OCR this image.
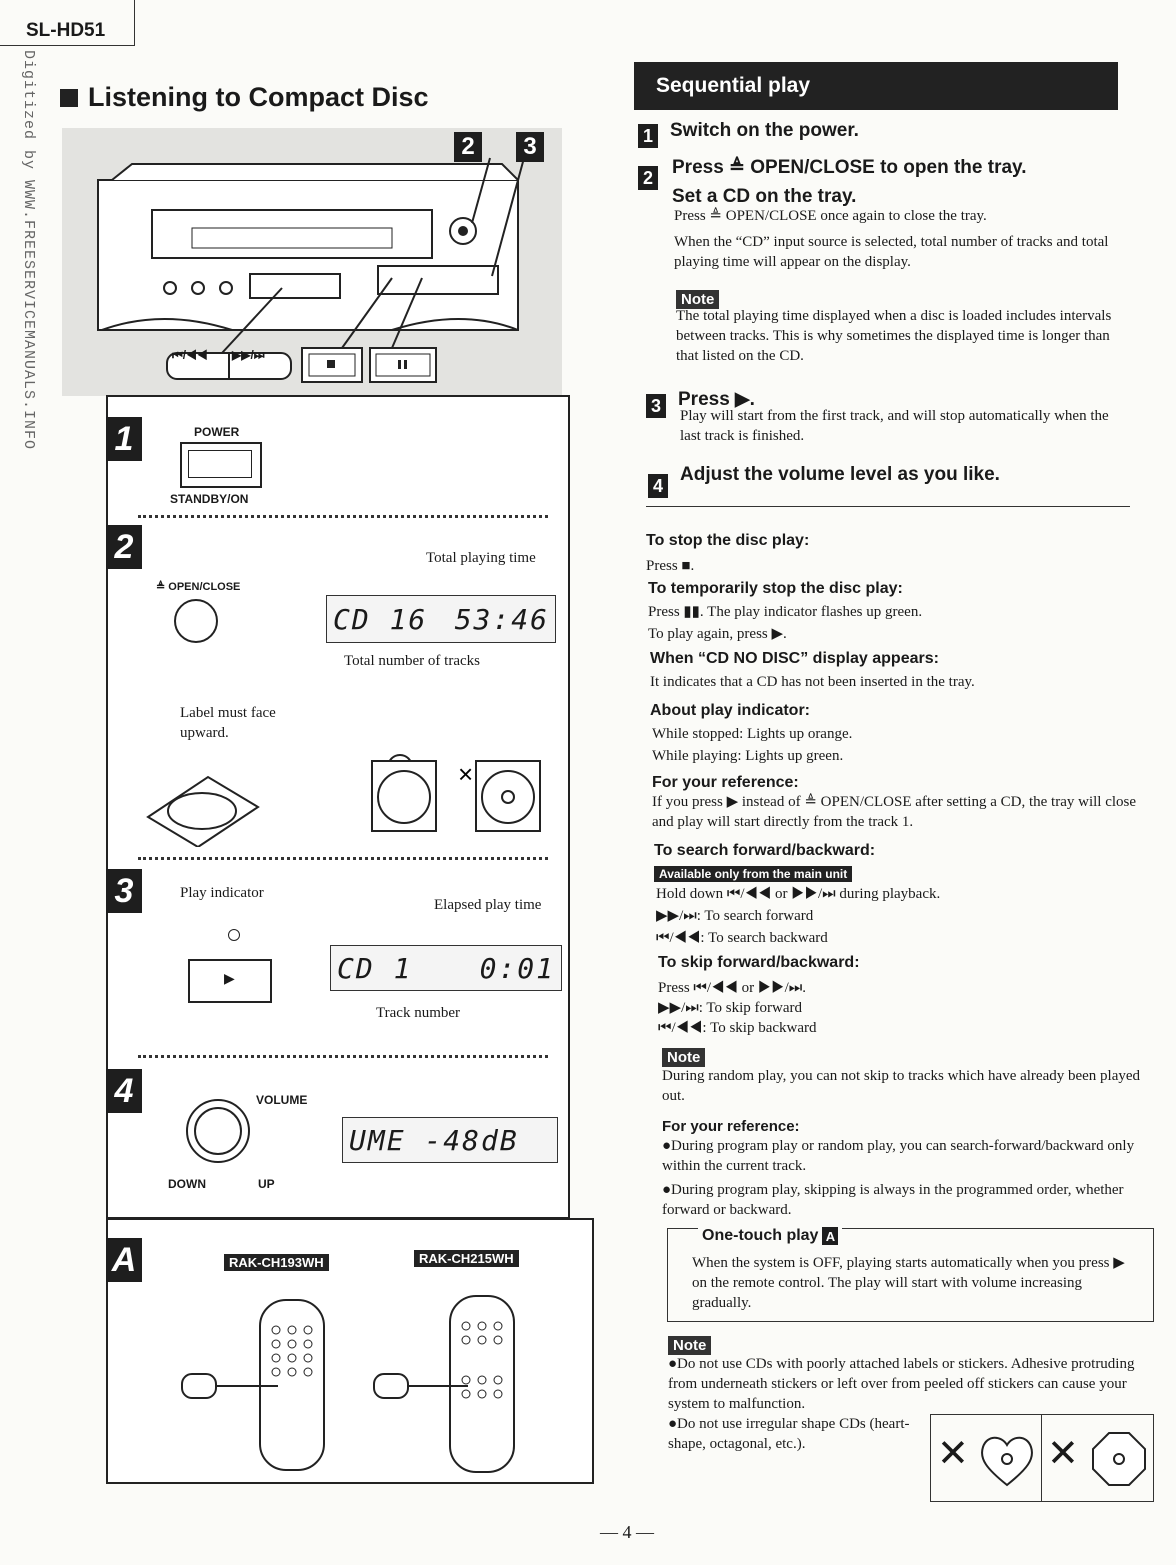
SL-HD51
Digitized by WWW.FREESERVICEMANUALS.INFO Listening to Compact Disc
2	3
⏮/◀◀ ▶▶/⏭
1	POWER
STANDBY/ON
2
≜ OPEN/CLOSE
Total playing time
CD 16 53:46
Total number of tracks
Label must face upward.
×
3	Play indicator
▶
Elapsed play time
CD 1 0:01
Track number
4	VOLUME
DOWN	UP
UME -48dB
A	RAK-CH193WH	RAK-CH215WH
Sequential play
1 Switch on the power.
2 Press ≜ OPEN/CLOSE to open the tray.
Set a CD on the tray.
Press ≜ OPEN/CLOSE once again to close the tray.
When the “CD” input source is selected, total number of tracks and total playing time will appear on the display.
Note
The total playing time displayed when a disc is loaded includes intervals between tracks. This is why sometimes the displayed time is longer than that listed on the CD.
3 Press ▶.
Play will start from the first track, and will stop automatically when the last track is finished.
4
Adjust the volume level as you like.
To stop the disc play:
Press ■.
To temporarily stop the disc play:
Press ▮▮. The play indicator flashes up green.
To play again, press ▶.
When “CD NO DISC” display appears:
It indicates that a CD has not been inserted in the tray.
About play indicator:
While stopped: Lights up orange.
While playing: Lights up green.
For your reference:
If you press ▶ instead of ≜ OPEN/CLOSE after setting a CD, the tray will close and play will start directly from the track 1.
To search forward/backward:
Available only from the main unit
Hold down ⏮/◀◀ or ▶▶/⏭ during playback.
▶▶/⏭: To search forward
⏮/◀◀: To search backward
To skip forward/backward:
Press ⏮/◀◀ or ▶▶/⏭.
▶▶/⏭: To skip forward
⏮/◀◀: To skip backward
Note
During random play, you can not skip to tracks which have already been played out.
For your reference:
●During program play or random play, you can search-forward/backward only within the current track.
●During program play, skipping is always in the programmed order, whether forward or backward.
One-touch play A
When the system is OFF, playing starts automatically when you press ▶ on the remote control. The play will start with volume increasing gradually.
Note
●Do not use CDs with poorly attached labels or stickers. Adhesive protruding from underneath stickers or left over from peeled off stickers can cause your system to malfunction.
●Do not use irregular shape CDs (heart-shape, octagonal, etc.).	✕ ✕
— 4 —
